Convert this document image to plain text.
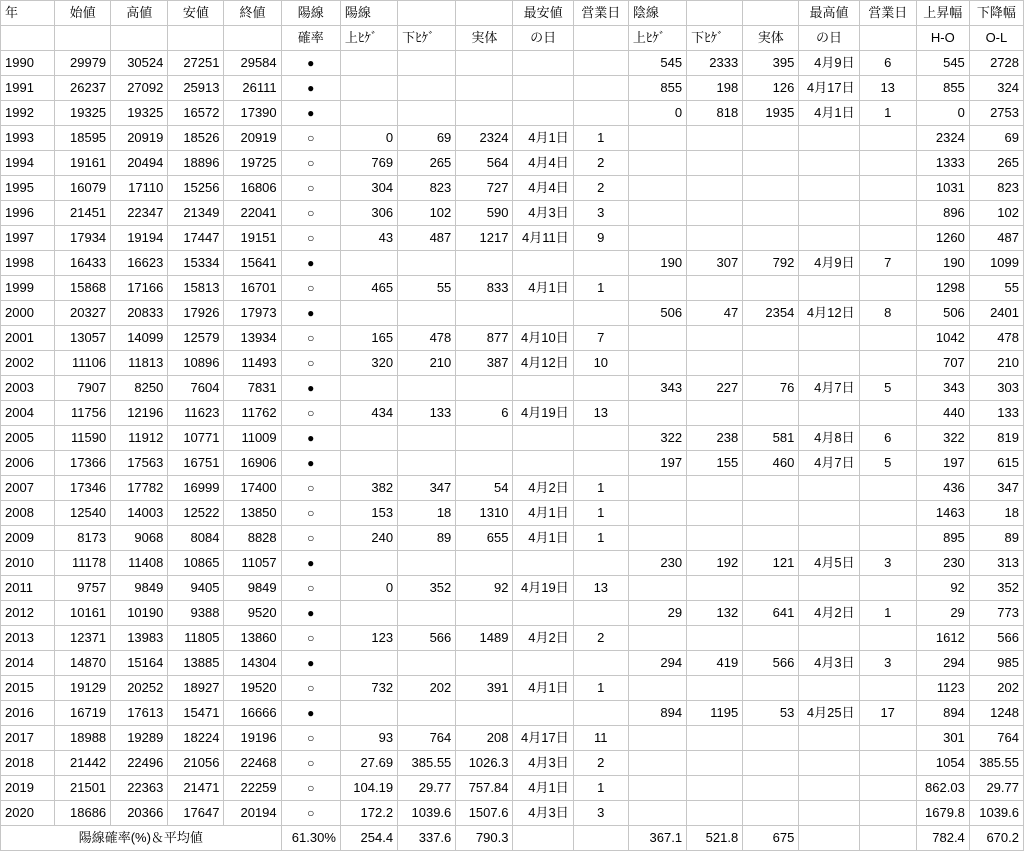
年	始値	高値	安値	終値	陽線	陽線			最安値	営業日	陰線			最高値	営業日	上昇幅	下降幅
					確率	上ﾋｹﾞ	下ﾋｹﾞ	実体	の日		上ﾋｹﾞ	下ﾋｹﾞ	実体	の日		H-O	O-L
1990	29979	30524	27251	29584	●						545	2333	395	4月9日	6	545	2728
1991	26237	27092	25913	26111	●						855	198	126	4月17日	13	855	324
1992	19325	19325	16572	17390	●						0	818	1935	4月1日	1	0	2753
1993	18595	20919	18526	20919	○	0	69	2324	4月1日	1						2324	69
1994	19161	20494	18896	19725	○	769	265	564	4月4日	2						1333	265
1995	16079	17110	15256	16806	○	304	823	727	4月4日	2						1031	823
1996	21451	22347	21349	22041	○	306	102	590	4月3日	3						896	102
1997	17934	19194	17447	19151	○	43	487	1217	4月11日	9						1260	487
1998	16433	16623	15334	15641	●						190	307	792	4月9日	7	190	1099
1999	15868	17166	15813	16701	○	465	55	833	4月1日	1						1298	55
2000	20327	20833	17926	17973	●						506	47	2354	4月12日	8	506	2401
2001	13057	14099	12579	13934	○	165	478	877	4月10日	7						1042	478
2002	11106	11813	10896	11493	○	320	210	387	4月12日	10						707	210
2003	7907	8250	7604	7831	●						343	227	76	4月7日	5	343	303
2004	11756	12196	11623	11762	○	434	133	6	4月19日	13						440	133
2005	11590	11912	10771	11009	●						322	238	581	4月8日	6	322	819
2006	17366	17563	16751	16906	●						197	155	460	4月7日	5	197	615
2007	17346	17782	16999	17400	○	382	347	54	4月2日	1						436	347
2008	12540	14003	12522	13850	○	153	18	1310	4月1日	1						1463	18
2009	8173	9068	8084	8828	○	240	89	655	4月1日	1						895	89
2010	11178	11408	10865	11057	●						230	192	121	4月5日	3	230	313
2011	9757	9849	9405	9849	○	0	352	92	4月19日	13						92	352
2012	10161	10190	9388	9520	●						29	132	641	4月2日	1	29	773
2013	12371	13983	11805	13860	○	123	566	1489	4月2日	2						1612	566
2014	14870	15164	13885	14304	●						294	419	566	4月3日	3	294	985
2015	19129	20252	18927	19520	○	732	202	391	4月1日	1						1123	202
2016	16719	17613	15471	16666	●						894	1195	53	4月25日	17	894	1248
2017	18988	19289	18224	19196	○	93	764	208	4月17日	11						301	764
2018	21442	22496	21056	22468	○	27.69	385.55	1026.3	4月3日	2						1054	385.55
2019	21501	22363	21471	22259	○	104.19	29.77	757.84	4月1日	1						862.03	29.77
2020	18686	20366	17647	20194	○	172.2	1039.6	1507.6	4月3日	3						1679.8	1039.6
陽線確率(%)＆平均値					61.30%	254.4	337.6	790.3			367.1	521.8	675			782.4	670.2
